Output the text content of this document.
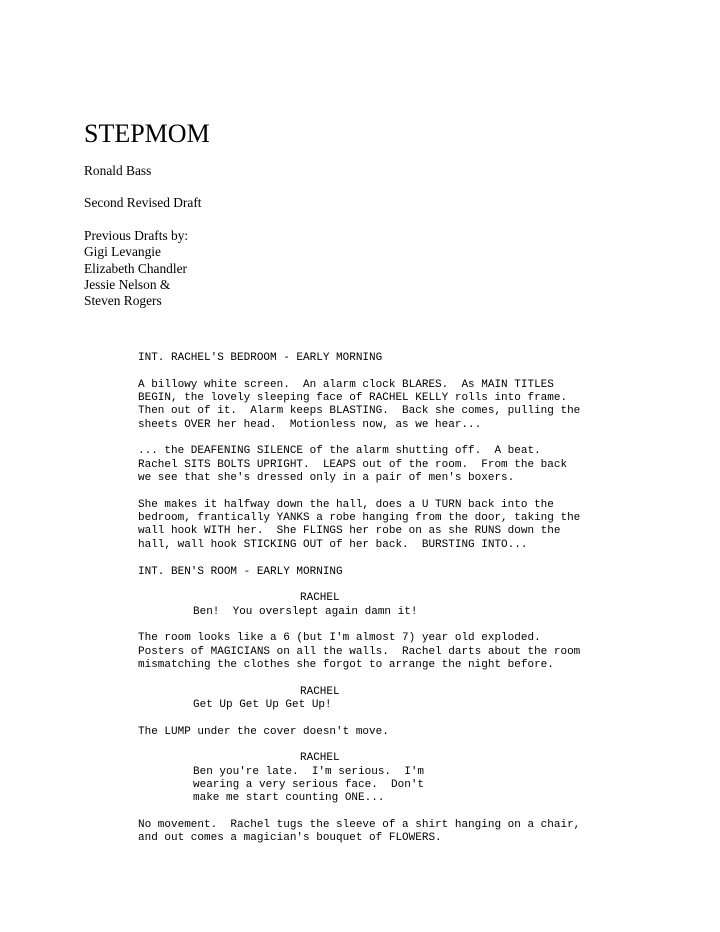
STEPMOM

Ronald Bass

Second Revised Draft

Previous Drafts by:

Gigi Levangie

Elizabeth Chandler

Jessie Nelson &

Steven Rogers

INT. RACHEL'S BEDROOM - EARLY MORNING

A billowy white screen.  An alarm clock BLARES.  As MAIN TITLES

BEGIN, the lovely sleeping face of RACHEL KELLY rolls into frame.

Then out of it.  Alarm keeps BLASTING.  Back she comes, pulling the

sheets OVER her head.  Motionless now, as we hear...

... the DEAFENING SILENCE of the alarm shutting off.  A beat.

Rachel SITS BOLTS UPRIGHT.  LEAPS out of the room.  From the back

we see that she's dressed only in a pair of men's boxers.

She makes it halfway down the hall, does a U TURN back into the

bedroom, frantically YANKS a robe hanging from the door, taking the

wall hook WITH her.  She FLINGS her robe on as she RUNS down the

hall, wall hook STICKING OUT of her back.  BURSTING INTO...

INT. BEN'S ROOM - EARLY MORNING

RACHEL

Ben!  You overslept again damn it!

The room looks like a 6 (but I'm almost 7) year old exploded.

Posters of MAGICIANS on all the walls.  Rachel darts about the room

mismatching the clothes she forgot to arrange the night before.

RACHEL

Get Up Get Up Get Up!

The LUMP under the cover doesn't move.

RACHEL

Ben you're late.  I'm serious.  I'm

wearing a very serious face.  Don't

make me start counting ONE...

No movement.  Rachel tugs the sleeve of a shirt hanging on a chair,

and out comes a magician's bouquet of FLOWERS.
